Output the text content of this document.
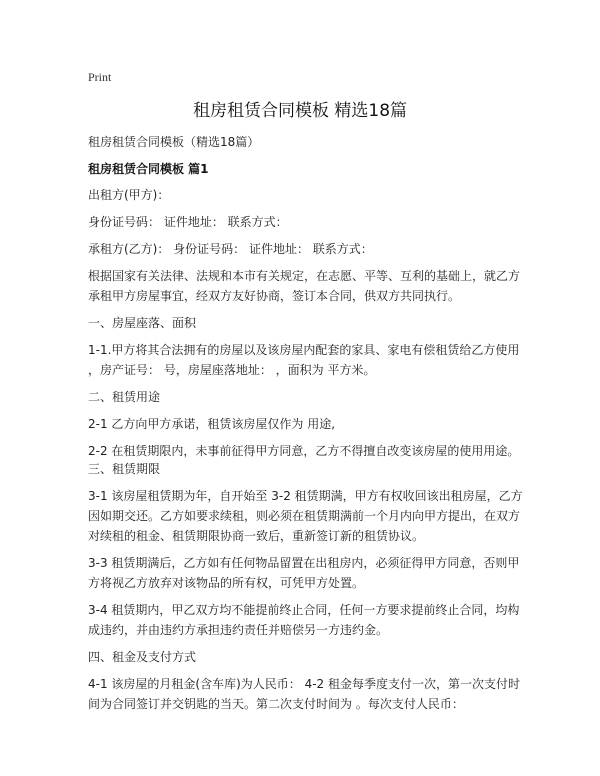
Print
租房租赁合同模板 精选18篇
租房租赁合同模板（精选18篇）
租房租赁合同模板 篇1
出租方(甲方)：
身份证号码： 证件地址： 联系方式：
承租方(乙方)： 身份证号码： 证件地址： 联系方式：
根据国家有关法律、法规和本市有关规定，在志愿、平等、互利的基础上，就乙方
承租甲方房屋事宜，经双方友好协商，签订本合同，供双方共同执行。
一、房屋座落、面积
1-1.甲方将其合法拥有的房屋以及该房屋内配套的家具、家电有偿租赁给乙方使用
，房产证号： 号，房屋座落地址： ，面积为 平方米。
二、租赁用途
2-1 乙方向甲方承诺，租赁该房屋仅作为 用途,
2-2 在租赁期限内，未事前征得甲方同意，乙方不得擅自改变该房屋的使用用途。
三、租赁期限
3-1 该房屋租赁期为年，自开始至 3-2 租赁期满，甲方有权收回该出租房屋，乙方
因如期交还。乙方如要求续租，则必须在租赁期满前一个月内向甲方提出，在双方
对续租的租金、租赁期限协商一致后，重新签订新的租赁协议。
3-3 租赁期满后，乙方如有任何物品留置在出租房内，必须征得甲方同意，否则甲
方将视乙方放弃对该物品的所有权，可凭甲方处置。
3-4 租赁期内，甲乙双方均不能提前终止合同，任何一方要求提前终止合同，均构
成违约，并由违约方承担违约责任并赔偿另一方违约金。
四、租金及支付方式
4-1 该房屋的月租金(含车库)为人民币： 4-2 租金每季度支付一次，第一次支付时
间为合同签订并交钥匙的当天。第二次支付时间为 。每次支付人民币：
